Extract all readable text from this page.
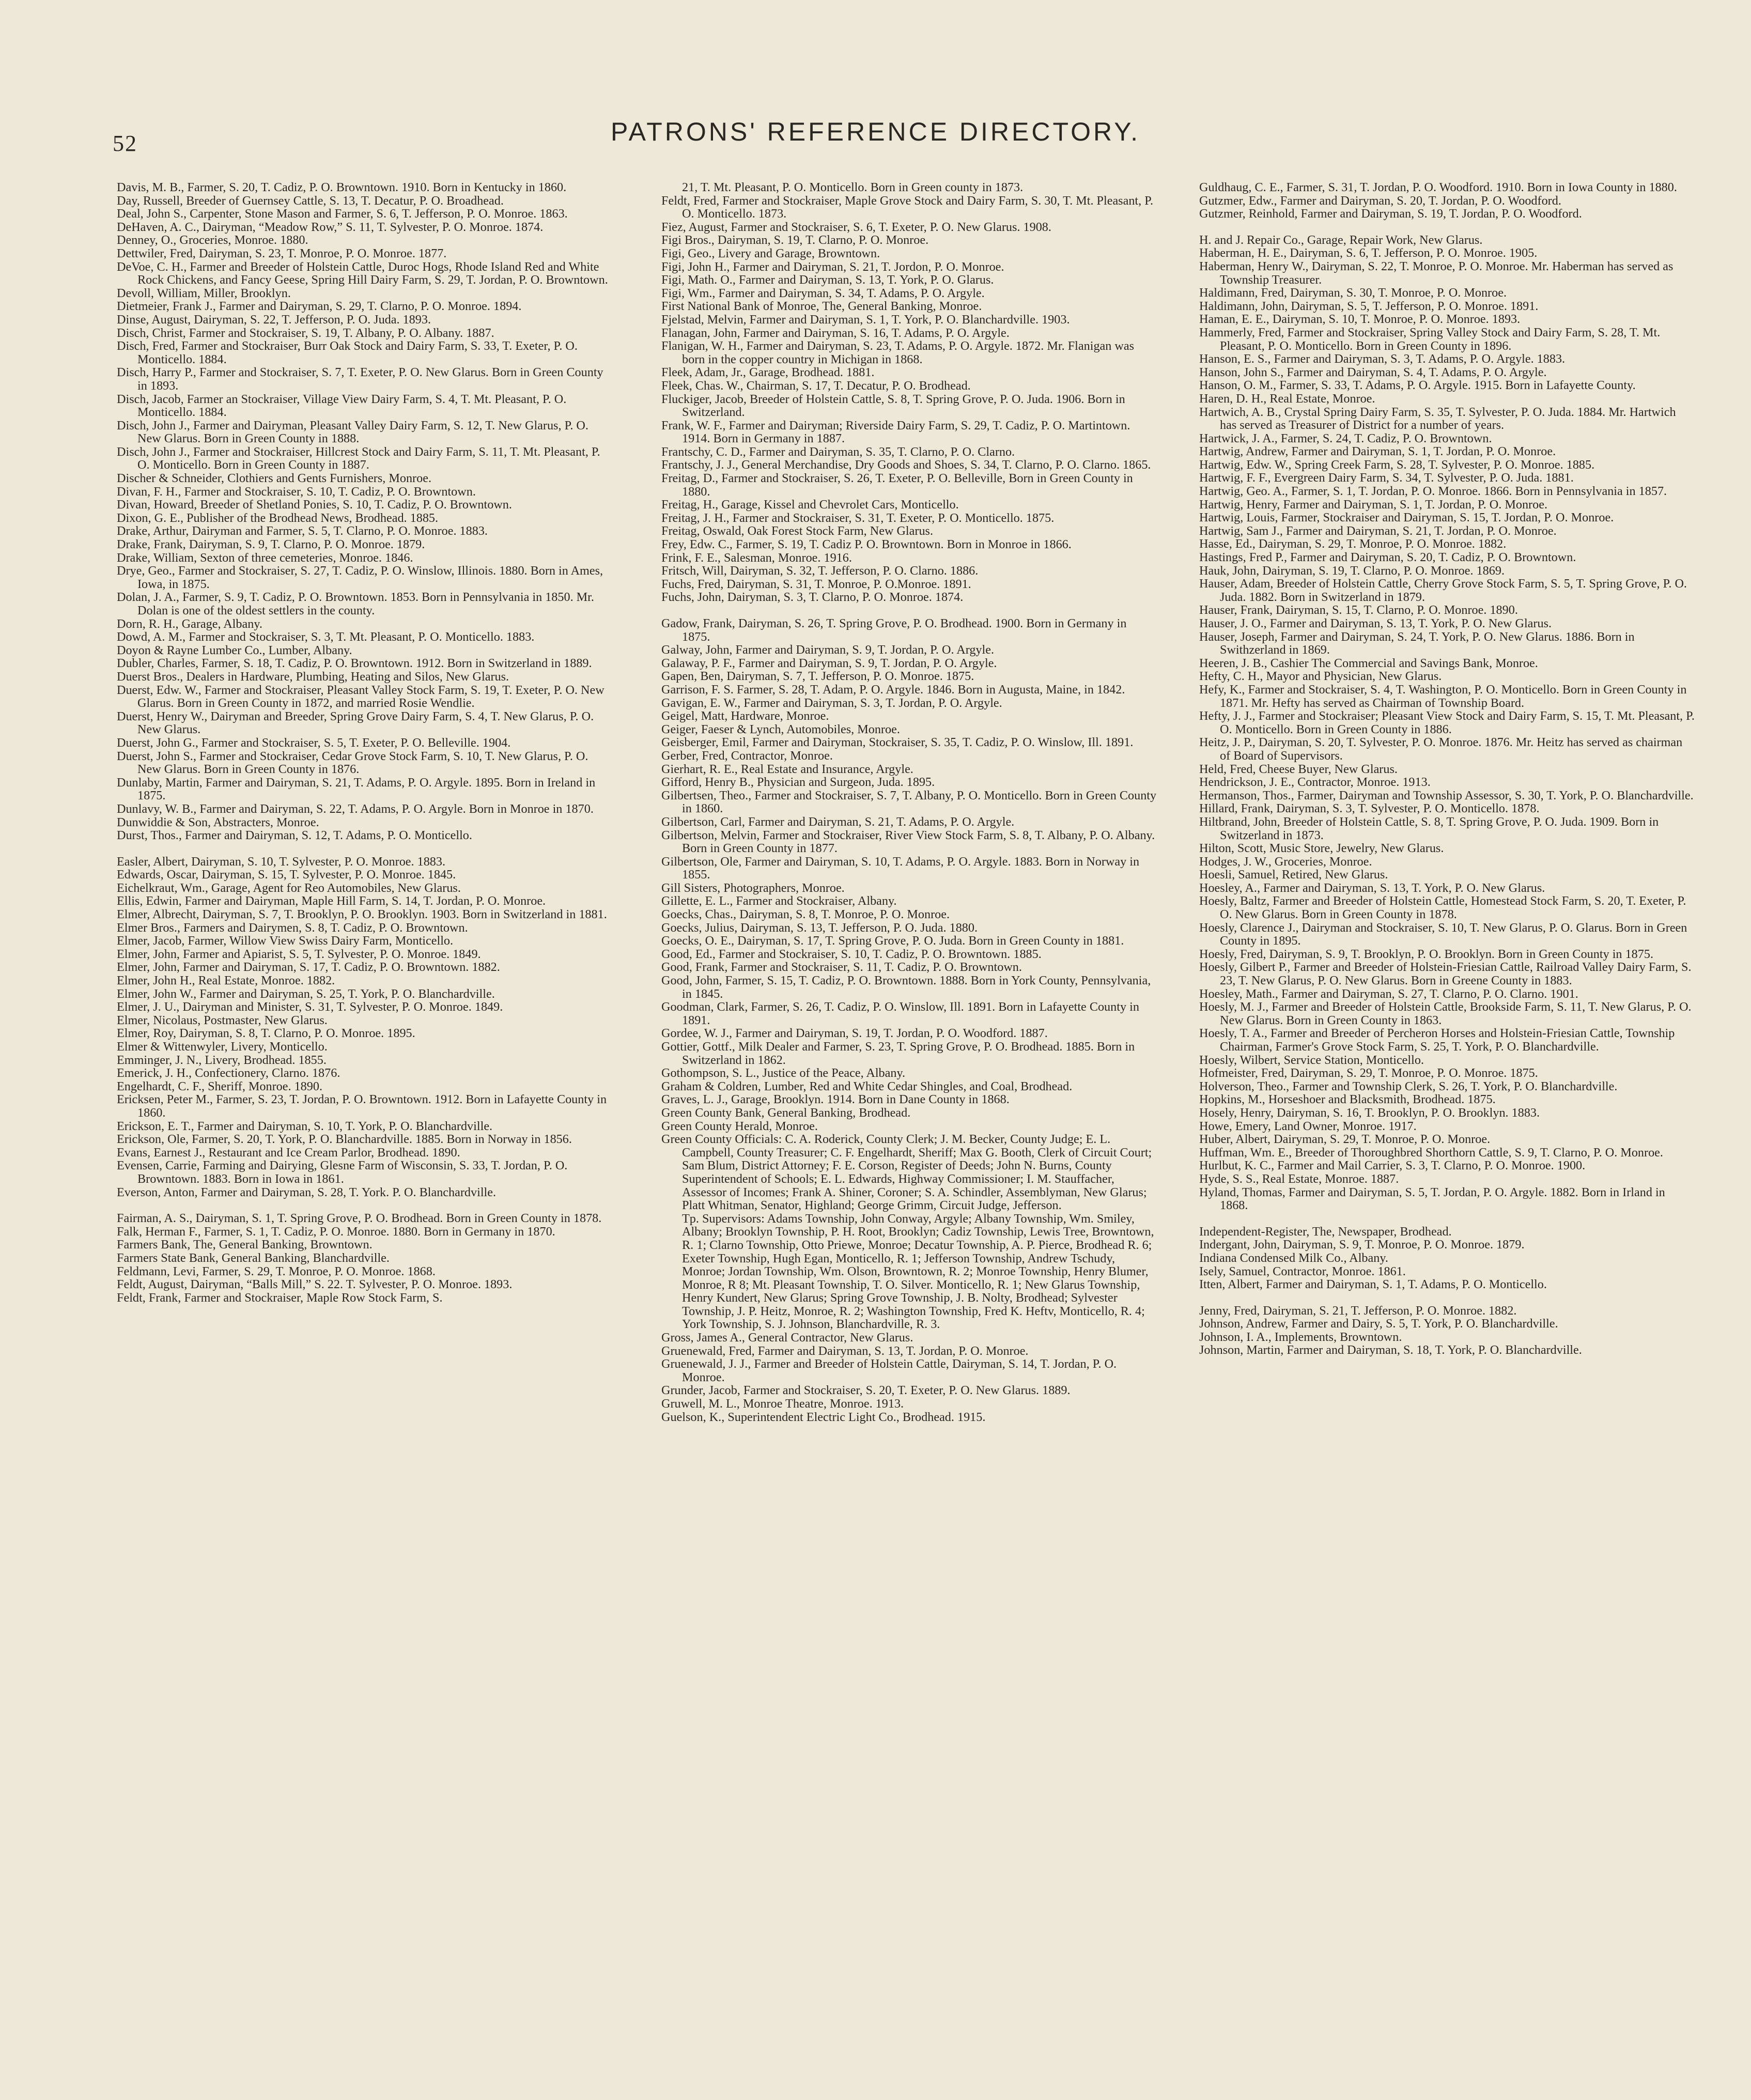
52	PATRONS' REFERENCE DIRECTORY.

Davis, M. B., Farmer, S. 20, T. Cadiz, P. O. Browntown. 1910. Born in Kentucky in 1860.

Day, Russell, Breeder of Guernsey Cattle, S. 13, T. Decatur, P. O. Broadhead.

Deal, John S., Carpenter, Stone Mason and Farmer, S. 6, T. Jefferson, P. O. Monroe. 1863.

DeHaven, A. C., Dairyman, “Meadow Row,” S. 11, T. Sylvester, P. O. Monroe. 1874.

Denney, O., Groceries, Monroe. 1880.

Dettwiler, Fred, Dairyman, S. 23, T. Monroe, P. O. Monroe. 1877.

DeVoe, C. H., Farmer and Breeder of Holstein Cattle, Duroc Hogs, Rhode Island Red and White Rock Chickens, and Fancy Geese, Spring Hill Dairy Farm, S. 29, T. Jordan, P. O. Browntown.

Devoll, William, Miller, Brooklyn.

Dietmeier, Frank J., Farmer and Dairyman, S. 29, T. Clarno, P. O. Monroe. 1894.

Dinse, August, Dairyman, S. 22, T. Jefferson, P. O. Juda. 1893.

Disch, Christ, Farmer and Stockraiser, S. 19, T. Albany, P. O. Albany. 1887.

Disch, Fred, Farmer and Stockraiser, Burr Oak Stock and Dairy Farm, S. 33, T. Exeter, P. O. Monticello. 1884.

Disch, Harry P., Farmer and Stockraiser, S. 7, T. Exeter, P. O. New Glarus. Born in Green County in 1893.

Disch, Jacob, Farmer an Stockraiser, Village View Dairy Farm, S. 4, T. Mt. Pleasant, P. O. Monticello. 1884.

Disch, John J., Farmer and Dairyman, Pleasant Valley Dairy Farm, S. 12, T. New Glarus, P. O. New Glarus. Born in Green County in 1888.

Disch, John J., Farmer and Stockraiser, Hillcrest Stock and Dairy Farm, S. 11, T. Mt. Pleasant, P. O. Monticello. Born in Green County in 1887.

Discher & Schneider, Clothiers and Gents Furnishers, Monroe.

Divan, F. H., Farmer and Stockraiser, S. 10, T. Cadiz, P. O. Browntown.

Divan, Howard, Breeder of Shetland Ponies, S. 10, T. Cadiz, P. O. Browntown.

Dixon, G. E., Publisher of the Brodhead News, Brodhead. 1885.

Drake, Arthur, Dairyman and Farmer, S. 5, T. Clarno, P. O. Monroe. 1883.

Drake, Frank, Dairyman, S. 9, T. Clarno, P. O. Monroe. 1879.

Drake, William, Sexton of three cemeteries, Monroe. 1846.

Drye, Geo., Farmer and Stockraiser, S. 27, T. Cadiz, P. O. Winslow, Illinois. 1880. Born in Ames, Iowa, in 1875.

Dolan, J. A., Farmer, S. 9, T. Cadiz, P. O. Browntown. 1853. Born in Pennsylvania in 1850. Mr. Dolan is one of the oldest settlers in the county.

Dorn, R. H., Garage, Albany.

Dowd, A. M., Farmer and Stockraiser, S. 3, T. Mt. Pleasant, P. O. Monticello. 1883.

Doyon & Rayne Lumber Co., Lumber, Albany.

Dubler, Charles, Farmer, S. 18, T. Cadiz, P. O. Browntown. 1912. Born in Switzerland in 1889.

Duerst Bros., Dealers in Hardware, Plumbing, Heating and Silos, New Glarus.

Duerst, Edw. W., Farmer and Stockraiser, Pleasant Valley Stock Farm, S. 19, T. Exeter, P. O. New Glarus. Born in Green County in 1872, and married Rosie Wendlie.

Duerst, Henry W., Dairyman and Breeder, Spring Grove Dairy Farm, S. 4, T. New Glarus, P. O. New Glarus.

Duerst, John G., Farmer and Stockraiser, S. 5, T. Exeter, P. O. Belleville. 1904.

Duerst, John S., Farmer and Stockraiser, Cedar Grove Stock Farm, S. 10, T. New Glarus, P. O. New Glarus. Born in Green County in 1876.

Dunlaby, Martin, Farmer and Dairyman, S. 21, T. Adams, P. O. Argyle. 1895. Born in Ireland in 1875.

Dunlavy, W. B., Farmer and Dairyman, S. 22, T. Adams, P. O. Argyle. Born in Monroe in 1870.

Dunwiddie & Son, Abstracters, Monroe.

Durst, Thos., Farmer and Dairyman, S. 12, T. Adams, P. O. Monticello.

Easler, Albert, Dairyman, S. 10, T. Sylvester, P. O. Monroe. 1883.

Edwards, Oscar, Dairyman, S. 15, T. Sylvester, P. O. Monroe. 1845.

Eichelkraut, Wm., Garage, Agent for Reo Automobiles, New Glarus.

Ellis, Edwin, Farmer and Dairyman, Maple Hill Farm, S. 14, T. Jordan, P. O. Monroe.

Elmer, Albrecht, Dairyman, S. 7, T. Brooklyn, P. O. Brooklyn. 1903. Born in Switzerland in 1881.

Elmer Bros., Farmers and Dairymen, S. 8, T. Cadiz, P. O. Browntown.

Elmer, Jacob, Farmer, Willow View Swiss Dairy Farm, Monticello.

Elmer, John, Farmer and Apiarist, S. 5, T. Sylvester, P. O. Monroe. 1849.

Elmer, John, Farmer and Dairyman, S. 17, T. Cadiz, P. O. Browntown. 1882.

Elmer, John H., Real Estate, Monroe. 1882.

Elmer, John W., Farmer and Dairyman, S. 25, T. York, P. O. Blanchardville.

Elmer, J. U., Dairyman and Minister, S. 31, T. Sylvester, P. O. Monroe. 1849.

Elmer, Nicolaus, Postmaster, New Glarus.

Elmer, Roy, Dairyman, S. 8, T. Clarno, P. O. Monroe. 1895.

Elmer & Wittenwyler, Livery, Monticello.

Emminger, J. N., Livery, Brodhead. 1855.

Emerick, J. H., Confectionery, Clarno. 1876.

Engelhardt, C. F., Sheriff, Monroe. 1890.

Ericksen, Peter M., Farmer, S. 23, T. Jordan, P. O. Browntown. 1912. Born in Lafayette County in 1860.

Erickson, E. T., Farmer and Dairyman, S. 10, T. York, P. O. Blanchardville.

Erickson, Ole, Farmer, S. 20, T. York, P. O. Blanchardville. 1885. Born in Norway in 1856.

Evans, Earnest J., Restaurant and Ice Cream Parlor, Brodhead. 1890.

Evensen, Carrie, Farming and Dairying, Glesne Farm of Wisconsin, S. 33, T. Jordan, P. O. Browntown. 1883. Born in Iowa in 1861.

Everson, Anton, Farmer and Dairyman, S. 28, T. York. P. O. Blanchardville.

Fairman, A. S., Dairyman, S. 1, T. Spring Grove, P. O. Brodhead. Born in Green County in 1878.

Falk, Herman F., Farmer, S. 1, T. Cadiz, P. O. Monroe. 1880. Born in Germany in 1870.

Farmers Bank, The, General Banking, Browntown.

Farmers State Bank, General Banking, Blanchardville.

Feldmann, Levi, Farmer, S. 29, T. Monroe, P. O. Monroe. 1868.

Feldt, August, Dairyman, “Balls Mill,” S. 22. T. Sylvester, P. O. Monroe. 1893.

Feldt, Frank, Farmer and Stockraiser, Maple Row Stock Farm, S.

21, T. Mt. Pleasant, P. O. Monticello. Born in Green county in 1873.

Feldt, Fred, Farmer and Stockraiser, Maple Grove Stock and Dairy Farm, S. 30, T. Mt. Pleasant, P. O. Monticello. 1873.

Fiez, August, Farmer and Stockraiser, S. 6, T. Exeter, P. O. New Glarus. 1908.

Figi Bros., Dairyman, S. 19, T. Clarno, P. O. Monroe.

Figi, Geo., Livery and Garage, Browntown.

Figi, John H., Farmer and Dairyman, S. 21, T. Jordon, P. O. Monroe.

Figi, Math. O., Farmer and Dairyman, S. 13, T. York, P. O. Glarus.

Figi, Wm., Farmer and Dairyman, S. 34, T. Adams, P. O. Argyle.

First National Bank of Monroe, The, General Banking, Monroe.

Fjelstad, Melvin, Farmer and Dairyman, S. 1, T. York, P. O. Blanchardville. 1903.

Flanagan, John, Farmer and Dairyman, S. 16, T. Adams, P. O. Argyle.

Flanigan, W. H., Farmer and Dairyman, S. 23, T. Adams, P. O. Argyle. 1872. Mr. Flanigan was born in the copper country in Michigan in 1868.

Fleek, Adam, Jr., Garage, Brodhead. 1881.

Fleek, Chas. W., Chairman, S. 17, T. Decatur, P. O. Brodhead.

Fluckiger, Jacob, Breeder of Holstein Cattle, S. 8, T. Spring Grove, P. O. Juda. 1906. Born in Switzerland.

Frank, W. F., Farmer and Dairyman; Riverside Dairy Farm, S. 29, T. Cadiz, P. O. Martintown. 1914. Born in Germany in 1887.

Frantschy, C. D., Farmer and Dairyman, S. 35, T. Clarno, P. O. Clarno.

Frantschy, J. J., General Merchandise, Dry Goods and Shoes, S. 34, T. Clarno, P. O. Clarno. 1865.

Freitag, D., Farmer and Stockraiser, S. 26, T. Exeter, P. O. Belleville, Born in Green County in 1880.

Freitag, H., Garage, Kissel and Chevrolet Cars, Monticello.

Freitag, J. H., Farmer and Stockraiser, S. 31, T. Exeter, P. O. Monticello. 1875.

Freitag, Oswald, Oak Forest Stock Farm, New Glarus.

Frey, Edw. C., Farmer, S. 19, T. Cadiz P. O. Browntown. Born in Monroe in 1866.

Frink, F. E., Salesman, Monroe. 1916.

Fritsch, Will, Dairyman, S. 32, T. Jefferson, P. O. Clarno. 1886.

Fuchs, Fred, Dairyman, S. 31, T. Monroe, P. O.Monroe. 1891.

Fuchs, John, Dairyman, S. 3, T. Clarno, P. O. Monroe. 1874.

Gadow, Frank, Dairyman, S. 26, T. Spring Grove, P. O. Brodhead. 1900. Born in Germany in 1875.

Galway, John, Farmer and Dairyman, S. 9, T. Jordan, P. O. Argyle.

Galaway, P. F., Farmer and Dairyman, S. 9, T. Jordan, P. O. Argyle.

Gapen, Ben, Dairyman, S. 7, T. Jefferson, P. O. Monroe. 1875.

Garrison, F. S. Farmer, S. 28, T. Adam, P. O. Argyle. 1846. Born in Augusta, Maine, in 1842.

Gavigan, E. W., Farmer and Dairyman, S. 3, T. Jordan, P. O. Argyle.

Geigel, Matt, Hardware, Monroe.

Geiger, Faeser & Lynch, Automobiles, Monroe.

Geisberger, Emil, Farmer and Dairyman, Stockraiser, S. 35, T. Cadiz, P. O. Winslow, Ill. 1891.

Gerber, Fred, Contractor, Monroe.

Gierhart, R. E., Real Estate and Insurance, Argyle.

Gifford, Henry B., Physician and Surgeon, Juda. 1895.

Gilbertsen, Theo., Farmer and Stockraiser, S. 7, T. Albany, P. O. Monticello. Born in Green County in 1860.

Gilbertson, Carl, Farmer and Dairyman, S. 21, T. Adams, P. O. Argyle.

Gilbertson, Melvin, Farmer and Stockraiser, River View Stock Farm, S. 8, T. Albany, P. O. Albany. Born in Green County in 1877.

Gilbertson, Ole, Farmer and Dairyman, S. 10, T. Adams, P. O. Argyle. 1883. Born in Norway in 1855.

Gill Sisters, Photographers, Monroe.

Gillette, E. L., Farmer and Stockraiser, Albany.

Goecks, Chas., Dairyman, S. 8, T. Monroe, P. O. Monroe.

Goecks, Julius, Dairyman, S. 13, T. Jefferson, P. O. Juda. 1880.

Goecks, O. E., Dairyman, S. 17, T. Spring Grove, P. O. Juda. Born in Green County in 1881.

Good, Ed., Farmer and Stockraiser, S. 10, T. Cadiz, P. O. Browntown. 1885.

Good, Frank, Farmer and Stockraiser, S. 11, T. Cadiz, P. O. Browntown.

Good, John, Farmer, S. 15, T. Cadiz, P. O. Browntown. 1888. Born in York County, Pennsylvania, in 1845.

Goodman, Clark, Farmer, S. 26, T. Cadiz, P. O. Winslow, Ill. 1891. Born in Lafayette County in 1891.

Gordee, W. J., Farmer and Dairyman, S. 19, T. Jordan, P. O. Woodford. 1887.

Gottier, Gottf., Milk Dealer and Farmer, S. 23, T. Spring Grove, P. O. Brodhead. 1885. Born in Switzerland in 1862.

Gothompson, S. L., Justice of the Peace, Albany.

Graham & Coldren, Lumber, Red and White Cedar Shingles, and Coal, Brodhead.

Graves, L. J., Garage, Brooklyn. 1914. Born in Dane County in 1868.

Green County Bank, General Banking, Brodhead.

Green County Herald, Monroe.

Green County Officials: C. A. Roderick, County Clerk; J. M. Becker, County Judge; E. L. Campbell, County Treasurer; C. F. Engelhardt, Sheriff; Max G. Booth, Clerk of Circuit Court; Sam Blum, District Attorney; F. E. Corson, Register of Deeds; John N. Burns, County Superintendent of Schools; E. L. Edwards, Highway Commissioner; I. M. Stauffacher, Assessor of Incomes; Frank A. Shiner, Coroner; S. A. Schindler, Assemblyman, New Glarus; Platt Whitman, Senator, Highland; George Grimm, Circuit Judge, Jefferson.

Tp. Supervisors: Adams Township, John Conway, Argyle; Albany Township, Wm. Smiley, Albany; Brooklyn Township, P. H. Root, Brooklyn; Cadiz Township, Lewis Tree, Browntown, R. 1; Clarno Township, Otto Priewe, Monroe; Decatur Township, A. P. Pierce, Brodhead R. 6; Exeter Township, Hugh Egan, Monticello, R. 1; Jefferson Township, Andrew Tschudy, Monroe; Jordan Township, Wm. Olson, Browntown, R. 2; Monroe Township, Henry Blumer, Monroe, R 8; Mt. Pleasant Township, T. O. Silver. Monticello, R. 1; New Glarus Township, Henry Kundert, New Glarus; Spring Grove Township, J. B. Nolty, Brodhead; Sylvester Township, J. P. Heitz, Monroe, R. 2; Washington Township, Fred K. Heftv, Monticello, R. 4; York Township, S. J. Johnson, Blanchardville, R. 3.

Gross, James A., General Contractor, New Glarus.

Gruenewald, Fred, Farmer and Dairyman, S. 13, T. Jordan, P. O. Monroe.

Gruenewald, J. J., Farmer and Breeder of Holstein Cattle, Dairyman, S. 14, T. Jordan, P. O. Monroe.

Grunder, Jacob, Farmer and Stockraiser, S. 20, T. Exeter, P. O. New Glarus. 1889.

Gruwell, M. L., Monroe Theatre, Monroe. 1913.

Guelson, K., Superintendent Electric Light Co., Brodhead. 1915.

Guldhaug, C. E., Farmer, S. 31, T. Jordan, P. O. Woodford. 1910. Born in Iowa County in 1880.

Gutzmer, Edw., Farmer and Dairyman, S. 20, T. Jordan, P. O. Woodford.

Gutzmer, Reinhold, Farmer and Dairyman, S. 19, T. Jordan, P. O. Woodford.

H. and J. Repair Co., Garage, Repair Work, New Glarus.

Haberman, H. E., Dairyman, S. 6, T. Jefferson, P. O. Monroe. 1905.

Haberman, Henry W., Dairyman, S. 22, T. Monroe, P. O. Monroe. Mr. Haberman has served as Township Treasurer.

Haldimann, Fred, Dairyman, S. 30, T. Monroe, P. O. Monroe.

Haldimann, John, Dairyman, S. 5, T. Jefferson, P. O. Monroe. 1891.

Haman, E. E., Dairyman, S. 10, T. Monroe, P. O. Monroe. 1893.

Hammerly, Fred, Farmer and Stockraiser, Spring Valley Stock and Dairy Farm, S. 28, T. Mt. Pleasant, P. O. Monticello. Born in Green County in 1896.

Hanson, E. S., Farmer and Dairyman, S. 3, T. Adams, P. O. Argyle. 1883.

Hanson, John S., Farmer and Dairyman, S. 4, T. Adams, P. O. Argyle.

Hanson, O. M., Farmer, S. 33, T. Adams, P. O. Argyle. 1915. Born in Lafayette County.

Haren, D. H., Real Estate, Monroe.

Hartwich, A. B., Crystal Spring Dairy Farm, S. 35, T. Sylvester, P. O. Juda. 1884. Mr. Hartwich has served as Treasurer of District for a number of years.

Hartwick, J. A., Farmer, S. 24, T. Cadiz, P. O. Browntown.

Hartwig, Andrew, Farmer and Dairyman, S. 1, T. Jordan, P. O. Monroe.

Hartwig, Edw. W., Spring Creek Farm, S. 28, T. Sylvester, P. O. Monroe. 1885.

Hartwig, F. F., Evergreen Dairy Farm, S. 34, T. Sylvester, P. O. Juda. 1881.

Hartwig, Geo. A., Farmer, S. 1, T. Jordan, P. O. Monroe. 1866. Born in Pennsylvania in 1857.

Hartwig, Henry, Farmer and Dairyman, S. 1, T. Jordan, P. O. Monroe.

Hartwig, Louis, Farmer, Stockraiser and Dairyman, S. 15, T. Jordan, P. O. Monroe.

Hartwig, Sam J., Farmer and Dairyman, S. 21, T. Jordan, P. O. Monroe.

Hasse, Ed., Dairyman, S. 29, T. Monroe, P. O. Monroe. 1882.

Hastings, Fred P., Farmer and Dairyman, S. 20, T. Cadiz, P. O. Browntown.

Hauk, John, Dairyman, S. 19, T. Clarno, P. O. Monroe. 1869.

Hauser, Adam, Breeder of Holstein Cattle, Cherry Grove Stock Farm, S. 5, T. Spring Grove, P. O. Juda. 1882. Born in Switzerland in 1879.

Hauser, Frank, Dairyman, S. 15, T. Clarno, P. O. Monroe. 1890.

Hauser, J. O., Farmer and Dairyman, S. 13, T. York, P. O. New Glarus.

Hauser, Joseph, Farmer and Dairyman, S. 24, T. York, P. O. New Glarus. 1886. Born in Swithzerland in 1869.

Heeren, J. B., Cashier The Commercial and Savings Bank, Monroe.

Hefty, C. H., Mayor and Physician, New Glarus.

Hefy, K., Farmer and Stockraiser, S. 4, T. Washington, P. O. Monticello. Born in Green County in 1871. Mr. Hefty has served as Chairman of Township Board.

Hefty, J. J., Farmer and Stockraiser; Pleasant View Stock and Dairy Farm, S. 15, T. Mt. Pleasant, P. O. Monticello. Born in Green County in 1886.

Heitz, J. P., Dairyman, S. 20, T. Sylvester, P. O. Monroe. 1876. Mr. Heitz has served as chairman of Board of Supervisors.

Held, Fred, Cheese Buyer, New Glarus.

Hendrickson, J. E., Contractor, Monroe. 1913.

Hermanson, Thos., Farmer, Dairyman and Township Assessor, S. 30, T. York, P. O. Blanchardville.

Hillard, Frank, Dairyman, S. 3, T. Sylvester, P. O. Monticello. 1878.

Hiltbrand, John, Breeder of Holstein Cattle, S. 8, T. Spring Grove, P. O. Juda. 1909. Born in Switzerland in 1873.

Hilton, Scott, Music Store, Jewelry, New Glarus.

Hodges, J. W., Groceries, Monroe.

Hoesli, Samuel, Retired, New Glarus.

Hoesley, A., Farmer and Dairyman, S. 13, T. York, P. O. New Glarus.

Hoesly, Baltz, Farmer and Breeder of Holstein Cattle, Homestead Stock Farm, S. 20, T. Exeter, P. O. New Glarus. Born in Green County in 1878.

Hoesly, Clarence J., Dairyman and Stockraiser, S. 10, T. New Glarus, P. O. Glarus. Born in Green County in 1895.

Hoesly, Fred, Dairyman, S. 9, T. Brooklyn, P. O. Brooklyn. Born in Green County in 1875.

Hoesly, Gilbert P., Farmer and Breeder of Holstein-Friesian Cattle, Railroad Valley Dairy Farm, S. 23, T. New Glarus, P. O. New Glarus. Born in Greene County in 1883.

Hoesley, Math., Farmer and Dairyman, S. 27, T. Clarno, P. O. Clarno. 1901.

Hoesly, M. J., Farmer and Breeder of Holstein Cattle, Brookside Farm, S. 11, T. New Glarus, P. O. New Glarus. Born in Green County in 1863.

Hoesly, T. A., Farmer and Breeder of Percheron Horses and Holstein-Friesian Cattle, Township Chairman, Farmer's Grove Stock Farm, S. 25, T. York, P. O. Blanchardville.

Hoesly, Wilbert, Service Station, Monticello.

Hofmeister, Fred, Dairyman, S. 29, T. Monroe, P. O. Monroe. 1875.

Holverson, Theo., Farmer and Township Clerk, S. 26, T. York, P. O. Blanchardville.

Hopkins, M., Horseshoer and Blacksmith, Brodhead. 1875.

Hosely, Henry, Dairyman, S. 16, T. Brooklyn, P. O. Brooklyn. 1883.

Howe, Emery, Land Owner, Monroe. 1917.

Huber, Albert, Dairyman, S. 29, T. Monroe, P. O. Monroe.

Huffman, Wm. E., Breeder of Thoroughbred Shorthorn Cattle, S. 9, T. Clarno, P. O. Monroe.

Hurlbut, K. C., Farmer and Mail Carrier, S. 3, T. Clarno, P. O. Monroe. 1900.

Hyde, S. S., Real Estate, Monroe. 1887.

Hyland, Thomas, Farmer and Dairyman, S. 5, T. Jordan, P. O. Argyle. 1882. Born in Irland in 1868.

Independent-Register, The, Newspaper, Brodhead.

Indergant, John, Dairyman, S. 9, T. Monroe, P. O. Monroe. 1879.

Indiana Condensed Milk Co., Albany.

Isely, Samuel, Contractor, Monroe. 1861.

Itten, Albert, Farmer and Dairyman, S. 1, T. Adams, P. O. Monticello.

Jenny, Fred, Dairyman, S. 21, T. Jefferson, P. O. Monroe. 1882.

Johnson, Andrew, Farmer and Dairy, S. 5, T. York, P. O. Blanchardville.

Johnson, I. A., Implements, Browntown.

Johnson, Martin, Farmer and Dairyman, S. 18, T. York, P. O. Blanchardville.
